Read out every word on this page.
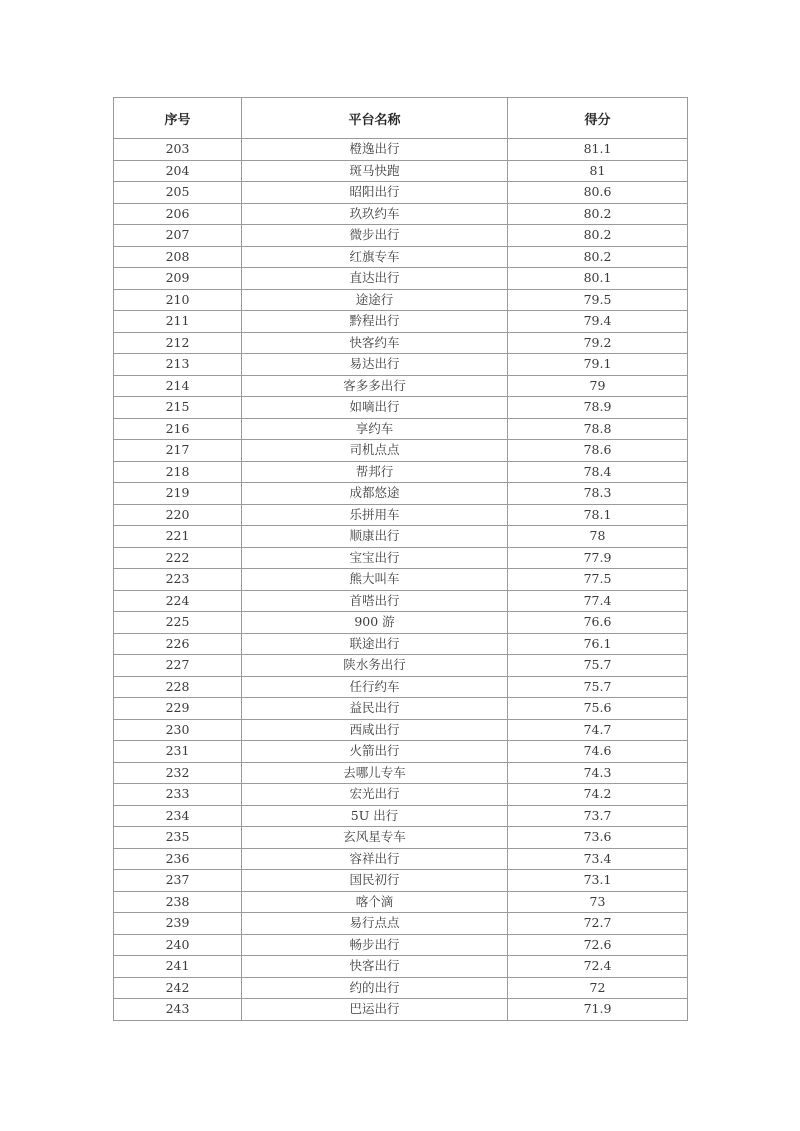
序号	平台名称	得分
203	橙逸出行	81.1
204	斑马快跑	81
205	昭阳出行	80.6
206	玖玖约车	80.2
207	微步出行	80.2
208	红旗专车	80.2
209	直达出行	80.1
210	途途行	79.5
211	黔程出行	79.4
212	快客约车	79.2
213	易达出行	79.1
214	客多多出行	79
215	如嘀出行	78.9
216	享约车	78.8
217	司机点点	78.6
218	帮邦行	78.4
219	成都悠途	78.3
220	乐拼用车	78.1
221	顺康出行	78
222	宝宝出行	77.9
223	熊大叫车	77.5
224	首嗒出行	77.4
225	900 游	76.6
226	联途出行	76.1
227	陕水务出行	75.7
228	任行约车	75.7
229	益民出行	75.6
230	西咸出行	74.7
231	火箭出行	74.6
232	去哪儿专车	74.3
233	宏光出行	74.2
234	5U 出行	73.7
235	玄风星专车	73.6
236	容祥出行	73.4
237	国民初行	73.1
238	喀个滴	73
239	易行点点	72.7
240	畅步出行	72.6
241	快客出行	72.4
242	约的出行	72
243	巴运出行	71.9
